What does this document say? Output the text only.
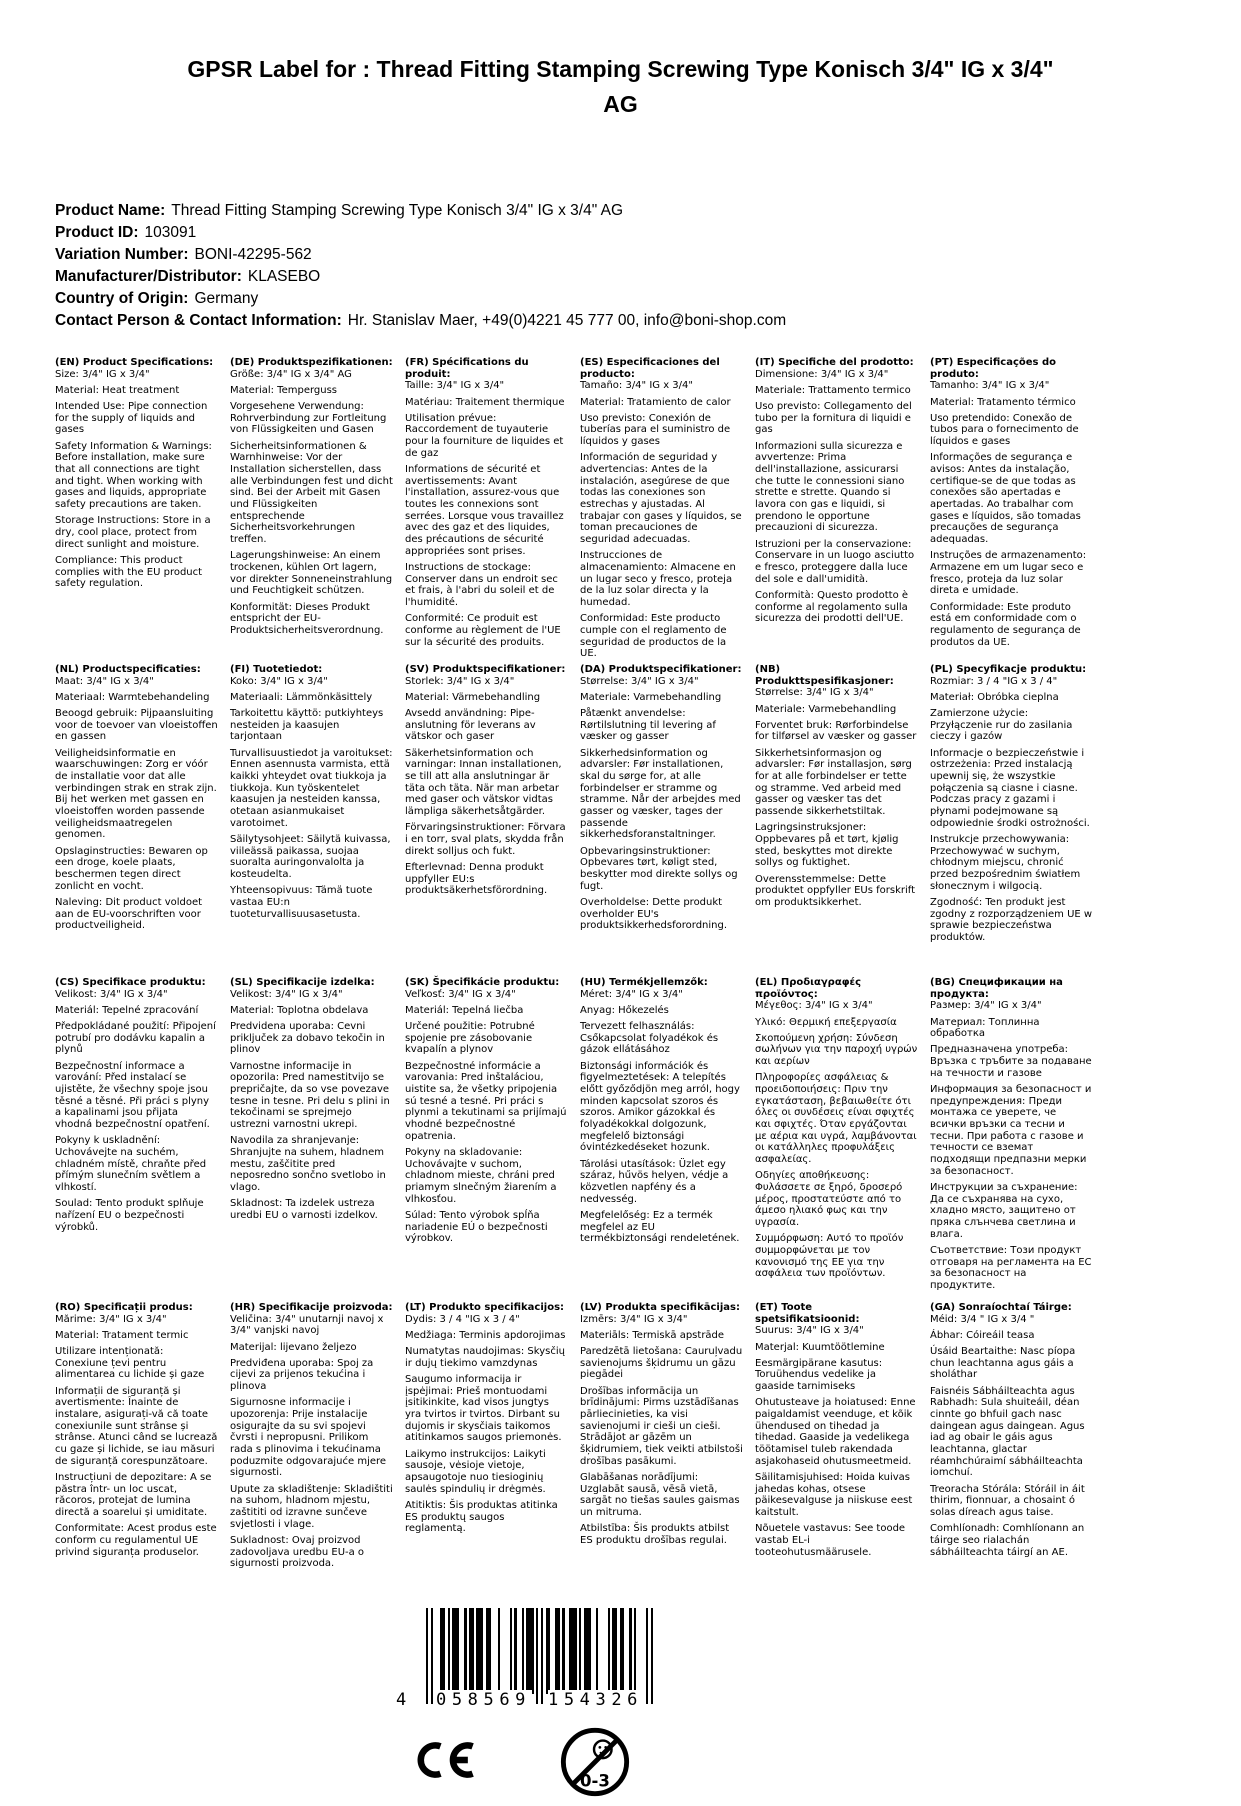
GPSR Label for : Thread Fitting Stamping Screwing Type Konisch 3/4" IG x 3/4" AG
Product Name: Thread Fitting Stamping Screwing Type Konisch 3/4" IG x 3/4" AG
Product ID: 103091
Variation Number: BONI-42295-562
Manufacturer/Distributor: KLASEBO
Country of Origin: Germany
Contact Person & Contact Information: Hr. Stanislav Maer, +49(0)4221 45 777 00, info@boni-shop.com
(EN) Product Specifications:
Size: 3/4" IG x 3/4"
Material: Heat treatment
Intended Use: Pipe connection for the supply of liquids and gases
Safety Information & Warnings: Before installation, make sure that all connections are tight and tight. When working with gases and liquids, appropriate safety precautions are taken.
Storage Instructions: Store in a dry, cool place, protect from direct sunlight and moisture.
Compliance: This product complies with the EU product safety regulation.
(DE) Produktspezifikationen:
Größe: 3/4" IG x 3/4" AG
Material: Temperguss
Vorgesehene Verwendung: Rohrverbindung zur Fortleitung von Flüssigkeiten und Gasen
Sicherheitsinformationen & Warnhinweise: Vor der Installation sicherstellen, dass alle Verbindungen fest und dicht sind. Bei der Arbeit mit Gasen und Flüssigkeiten entsprechende Sicherheitsvorkehrungen treffen.
Lagerungshinweise: An einem trockenen, kühlen Ort lagern, vor direkter Sonneneinstrahlung und Feuchtigkeit schützen.
Konformität: Dieses Produkt entspricht der EU-Produktsicherheitsverordnung.
(FR) Spécifications du produit:
Taille: 3/4" IG x 3/4"
Matériau: Traitement thermique
Utilisation prévue: Raccordement de tuyauterie pour la fourniture de liquides et de gaz
Informations de sécurité et avertissements: Avant l'installation, assurez-vous que toutes les connexions sont serrées. Lorsque vous travaillez avec des gaz et des liquides, des précautions de sécurité appropriées sont prises.
Instructions de stockage: Conserver dans un endroit sec et frais, à l'abri du soleil et de l'humidité.
Conformité: Ce produit est conforme au règlement de l'UE sur la sécurité des produits.
(ES) Especificaciones del producto:
Tamaño: 3/4" IG x 3/4"
Material: Tratamiento de calor
Uso previsto: Conexión de tuberías para el suministro de líquidos y gases
Información de seguridad y advertencias: Antes de la instalación, asegúrese de que todas las conexiones son estrechas y ajustadas. Al trabajar con gases y líquidos, se toman precauciones de seguridad adecuadas.
Instrucciones de almacenamiento: Almacene en un lugar seco y fresco, proteja de la luz solar directa y la humedad.
Conformidad: Este producto cumple con el reglamento de seguridad de productos de la UE.
(IT) Specifiche del prodotto:
Dimensione: 3/4" IG x 3/4"
Materiale: Trattamento termico
Uso previsto: Collegamento del tubo per la fornitura di liquidi e gas
Informazioni sulla sicurezza e avvertenze: Prima dell'installazione, assicurarsi che tutte le connessioni siano strette e strette. Quando si lavora con gas e liquidi, si prendono le opportune precauzioni di sicurezza.
Istruzioni per la conservazione: Conservare in un luogo asciutto e fresco, proteggere dalla luce del sole e dall'umidità.
Conformità: Questo prodotto è conforme al regolamento sulla sicurezza dei prodotti dell'UE.
(PT) Especificações do produto:
Tamanho: 3/4" IG x 3/4"
Material: Tratamento térmico
Uso pretendido: Conexão de tubos para o fornecimento de líquidos e gases
Informações de segurança e avisos: Antes da instalação, certifique-se de que todas as conexões são apertadas e apertadas. Ao trabalhar com gases e líquidos, são tomadas precauções de segurança adequadas.
Instruções de armazenamento: Armazene em um lugar seco e fresco, proteja da luz solar direta e umidade.
Conformidade: Este produto está em conformidade com o regulamento de segurança de produtos da UE.
(NL) Productspecificaties:
Maat: 3/4" IG x 3/4"
Materiaal: Warmtebehandeling
Beoogd gebruik: Pijpaansluiting voor de toevoer van vloeistoffen en gassen
Veiligheidsinformatie en waarschuwingen: Zorg er vóór de installatie voor dat alle verbindingen strak en strak zijn. Bij het werken met gassen en vloeistoffen worden passende veiligheidsmaatregelen genomen.
Opslaginstructies: Bewaren op een droge, koele plaats, beschermen tegen direct zonlicht en vocht.
Naleving: Dit product voldoet aan de EU-voorschriften voor productveiligheid.
(FI) Tuotetiedot:
Koko: 3/4" IG x 3/4"
Materiaali: Lämmönkäsittely
Tarkoitettu käyttö: putkiyhteys nesteiden ja kaasujen tarjontaan
Turvallisuustiedot ja varoitukset: Ennen asennusta varmista, että kaikki yhteydet ovat tiukkoja ja tiukkoja. Kun työskentelet kaasujen ja nesteiden kanssa, otetaan asianmukaiset varotoimet.
Säilytysohjeet: Säilytä kuivassa, viileässä paikassa, suojaa suoralta auringonvalolta ja kosteudelta.
Yhteensopivuus: Tämä tuote vastaa EU:n tuoteturvallisuusasetusta.
(SV) Produktspecifikationer:
Storlek: 3/4" IG x 3/4"
Material: Värmebehandling
Avsedd användning: Pipe-anslutning för leverans av vätskor och gaser
Säkerhetsinformation och varningar: Innan installationen, se till att alla anslutningar är täta och täta. När man arbetar med gaser och vätskor vidtas lämpliga säkerhetsåtgärder.
Förvaringsinstruktioner: Förvara i en torr, sval plats, skydda från direkt solljus och fukt.
Efterlevnad: Denna produkt uppfyller EU:s produktsäkerhetsförordning.
(DA) Produktspecifikationer:
Størrelse: 3/4" IG x 3/4"
Materiale: Varmebehandling
Påtænkt anvendelse: Rørtilslutning til levering af væsker og gasser
Sikkerhedsinformation og advarsler: Før installationen, skal du sørge for, at alle forbindelser er stramme og stramme. Når der arbejdes med gasser og væsker, tages der passende sikkerhedsforanstaltninger.
Opbevaringsinstruktioner: Opbevares tørt, køligt sted, beskytter mod direkte sollys og fugt.
Overholdelse: Dette produkt overholder EU's produktsikkerhedsforordning.
(NB) Produkttspesifikasjoner:
Størrelse: 3/4" IG x 3/4"
Materiale: Varmebehandling
Forventet bruk: Rørforbindelse for tilførsel av væsker og gasser
Sikkerhetsinformasjon og advarsler: Før installasjon, sørg for at alle forbindelser er tette og stramme. Ved arbeid med gasser og væsker tas det passende sikkerhetstiltak.
Lagringsinstruksjoner: Oppbevares på et tørt, kjølig sted, beskyttes mot direkte sollys og fuktighet.
Overensstemmelse: Dette produktet oppfyller EUs forskrift om produktsikkerhet.
(PL) Specyfikacje produktu:
Rozmiar: 3 / 4 "IG x 3 / 4"
Materiał: Obróbka cieplna
Zamierzone użycie: Przyłączenie rur do zasilania cieczy i gazów
Informacje o bezpieczeństwie i ostrzeżenia: Przed instalacją upewnij się, że wszystkie połączenia są ciasne i ciasne. Podczas pracy z gazami i płynami podejmowane są odpowiednie środki ostrożności.
Instrukcje przechowywania: Przechowywać w suchym, chłodnym miejscu, chronić przed bezpośrednim światłem słonecznym i wilgocią.
Zgodność: Ten produkt jest zgodny z rozporządzeniem UE w sprawie bezpieczeństwa produktów.
(CS) Specifikace produktu:
Velikost: 3/4" IG x 3/4"
Materiál: Tepelné zpracování
Předpokládané použití: Připojení potrubí pro dodávku kapalin a plynů
Bezpečnostní informace a varování: Před instalací se ujistěte, že všechny spoje jsou těsné a těsné. Při práci s plyny a kapalinami jsou přijata vhodná bezpečnostní opatření.
Pokyny k uskladnění: Uchovávejte na suchém, chladném místě, chraňte před přímým slunečním světlem a vlhkostí.
Soulad: Tento produkt splňuje nařízení EU o bezpečnosti výrobků.
(SL) Specifikacije izdelka:
Velikost: 3/4" IG x 3/4"
Material: Toplotna obdelava
Predvidena uporaba: Cevni priključek za dobavo tekočin in plinov
Varnostne informacije in opozorila: Pred namestitvijo se prepričajte, da so vse povezave tesne in tesne. Pri delu s plini in tekočinami se sprejmejo ustrezni varnostni ukrepi.
Navodila za shranjevanje: Shranjujte na suhem, hladnem mestu, zaščitite pred neposredno sončno svetlobo in vlago.
Skladnost: Ta izdelek ustreza uredbi EU o varnosti izdelkov.
(SK) Špecifikácie produktu:
Veľkosť: 3/4" IG x 3/4"
Materiál: Tepelná liečba
Určené použitie: Potrubné spojenie pre zásobovanie kvapalín a plynov
Bezpečnostné informácie a varovania: Pred inštaláciou, uistite sa, že všetky pripojenia sú tesné a tesné. Pri práci s plynmi a tekutinami sa prijímajú vhodné bezpečnostné opatrenia.
Pokyny na skladovanie: Uchovávajte v suchom, chladnom mieste, chráni pred priamym slnečným žiarením a vlhkosťou.
Súlad: Tento výrobok spĺňa nariadenie EÚ o bezpečnosti výrobkov.
(HU) Termékjellemzők:
Méret: 3/4" IG x 3/4"
Anyag: Hőkezelés
Tervezett felhasználás: Csőkapcsolat folyadékok és gázok ellátásához
Biztonsági információk és figyelmeztetések: A telepítés előtt győződjön meg arról, hogy minden kapcsolat szoros és szoros. Amikor gázokkal és folyadékokkal dolgozunk, megfelelő biztonsági óvintézkedéseket hozunk.
Tárolási utasítások: Üzlet egy száraz, hűvös helyen, védje a közvetlen napfény és a nedvesség.
Megfelelőség: Ez a termék megfelel az EU termékbiztonsági rendeletének.
(EL) Προδιαγραφές προϊόντος:
Μέγεθος: 3/4" IG x 3/4"
Υλικό: Θερμική επεξεργασία
Σκοπούμενη χρήση: Σύνδεση σωλήνων για την παροχή υγρών και αερίων
Πληροφορίες ασφάλειας & προειδοποιήσεις: Πριν την εγκατάσταση, βεβαιωθείτε ότι όλες οι συνδέσεις είναι σφιχτές και σφιχτές. Όταν εργάζονται με αέρια και υγρά, λαμβάνονται οι κατάλληλες προφυλάξεις ασφαλείας.
Οδηγίες αποθήκευσης: Φυλάσσετε σε ξηρό, δροσερό μέρος, προστατεύστε από το άμεσο ηλιακό φως και την υγρασία.
Συμμόρφωση: Αυτό το προϊόν συμμορφώνεται με τον κανονισμό της ΕΕ για την ασφάλεια των προϊόντων.
(BG) Спецификации на продукта:
Размер: 3/4" IG x 3/4"
Материал: Топлинна обработка
Предназначена употреба: Връзка с тръбите за подаване на течности и газове
Информация за безопасност и предупреждения: Преди монтажа се уверете, че всички връзки са тесни и тесни. При работа с газове и течности се вземат подходящи предпазни мерки за безопасност.
Инструкции за съхранение: Да се съхранява на сухо, хладно място, защитено от пряка слънчева светлина и влага.
Съответствие: Този продукт отговаря на регламента на ЕС за безопасност на продуктите.
(RO) Specificații produs:
Mărime: 3/4" IG x 3/4"
Material: Tratament termic
Utilizare intenționată: Conexiune țevi pentru alimentarea cu lichide și gaze
Informații de siguranță și avertismente: Înainte de instalare, asigurați-vă că toate conexiunile sunt strânse și strânse. Atunci când se lucrează cu gaze și lichide, se iau măsuri de siguranță corespunzătoare.
Instrucțiuni de depozitare: A se păstra într- un loc uscat, răcoros, protejat de lumina directă a soarelui și umiditate.
Conformitate: Acest produs este conform cu regulamentul UE privind siguranța produselor.
(HR) Specifikacije proizvoda:
Veličina: 3/4" unutarnji navoj x 3/4" vanjski navoj
Materijal: lijevano željezo
Predviđena uporaba: Spoj za cijevi za prijenos tekućina i plinova
Sigurnosne informacije i upozorenja: Prije instalacije osigurajte da su svi spojevi čvrsti i nepropusni. Prilikom rada s plinovima i tekućinama poduzmite odgovarajuće mjere sigurnosti.
Upute za skladištenje: Skladištiti na suhom, hladnom mjestu, zaštititi od izravne sunčeve svjetlosti i vlage.
Sukladnost: Ovaj proizvod zadovoljava uredbu EU-a o sigurnosti proizvoda.
(LT) Produkto specifikacijos:
Dydis: 3 / 4 "IG x 3 / 4"
Medžiaga: Terminis apdorojimas
Numatytas naudojimas: Skysčių ir dujų tiekimo vamzdynas
Saugumo informacija ir įspėjimai: Prieš montuodami įsitikinkite, kad visos jungtys yra tvirtos ir tvirtos. Dirbant su dujomis ir skysčiais taikomos atitinkamos saugos priemonės.
Laikymo instrukcijos: Laikyti sausoje, vėsioje vietoje, apsaugotoje nuo tiesioginių saulės spindulių ir drėgmės.
Atitiktis: Šis produktas atitinka ES produktų saugos reglamentą.
(LV) Produkta specifikācijas:
Izmērs: 3/4" IG x 3/4"
Materiāls: Termiskā apstrāde
Paredzētā lietošana: Cauruļvadu savienojums šķidrumu un gāzu piegādei
Drošības informācija un brīdinājumi: Pirms uzstādīšanas pārliecinieties, ka visi savienojumi ir cieši un cieši. Strādājot ar gāzēm un šķidrumiem, tiek veikti atbilstoši drošības pasākumi.
Glabāšanas norādījumi: Uzglabāt sausā, vēsā vietā, sargāt no tiešas saules gaismas un mitruma.
Atbilstība: Šis produkts atbilst ES produktu drošības regulai.
(ET) Toote spetsifikatsioonid:
Suurus: 3/4" IG x 3/4"
Materjal: Kuumtöötlemine
Eesmärgipärane kasutus: Toruühendus vedelike ja gaaside tarnimiseks
Ohutusteave ja hoiatused: Enne paigaldamist veenduge, et kõik ühendused on tihedad ja tihedad. Gaaside ja vedelikega töötamisel tuleb rakendada asjakohaseid ohutusmeetmeid.
Säilitamisjuhised: Hoida kuivas jahedas kohas, otsese päikesevalguse ja niiskuse eest kaitstult.
Nõuetele vastavus: See toode vastab EL-i tooteohutusmäärusele.
(GA) Sonraíochtaí Táirge:
Méid: 3/4 " IG x 3/4 "
Ábhar: Cóireáil teasa
Úsáid Beartaithe: Nasc píopa chun leachtanna agus gáis a sholáthar
Faisnéis Sábháilteachta agus Rabhadh: Sula shuiteáil, déan cinnte go bhfuil gach nasc daingean agus daingean. Agus iad ag obair le gáis agus leachtanna, glactar réamhchúraimí sábháilteachta iomchuí.
Treoracha Stórála: Stóráil in áit thirim, fionnuar, a chosaint ó solas díreach agus taise.
Comhlíonadh: Comhlíonann an táirge seo rialachán sábháilteachta táirgí an AE.
4 058569 154326
0-3
